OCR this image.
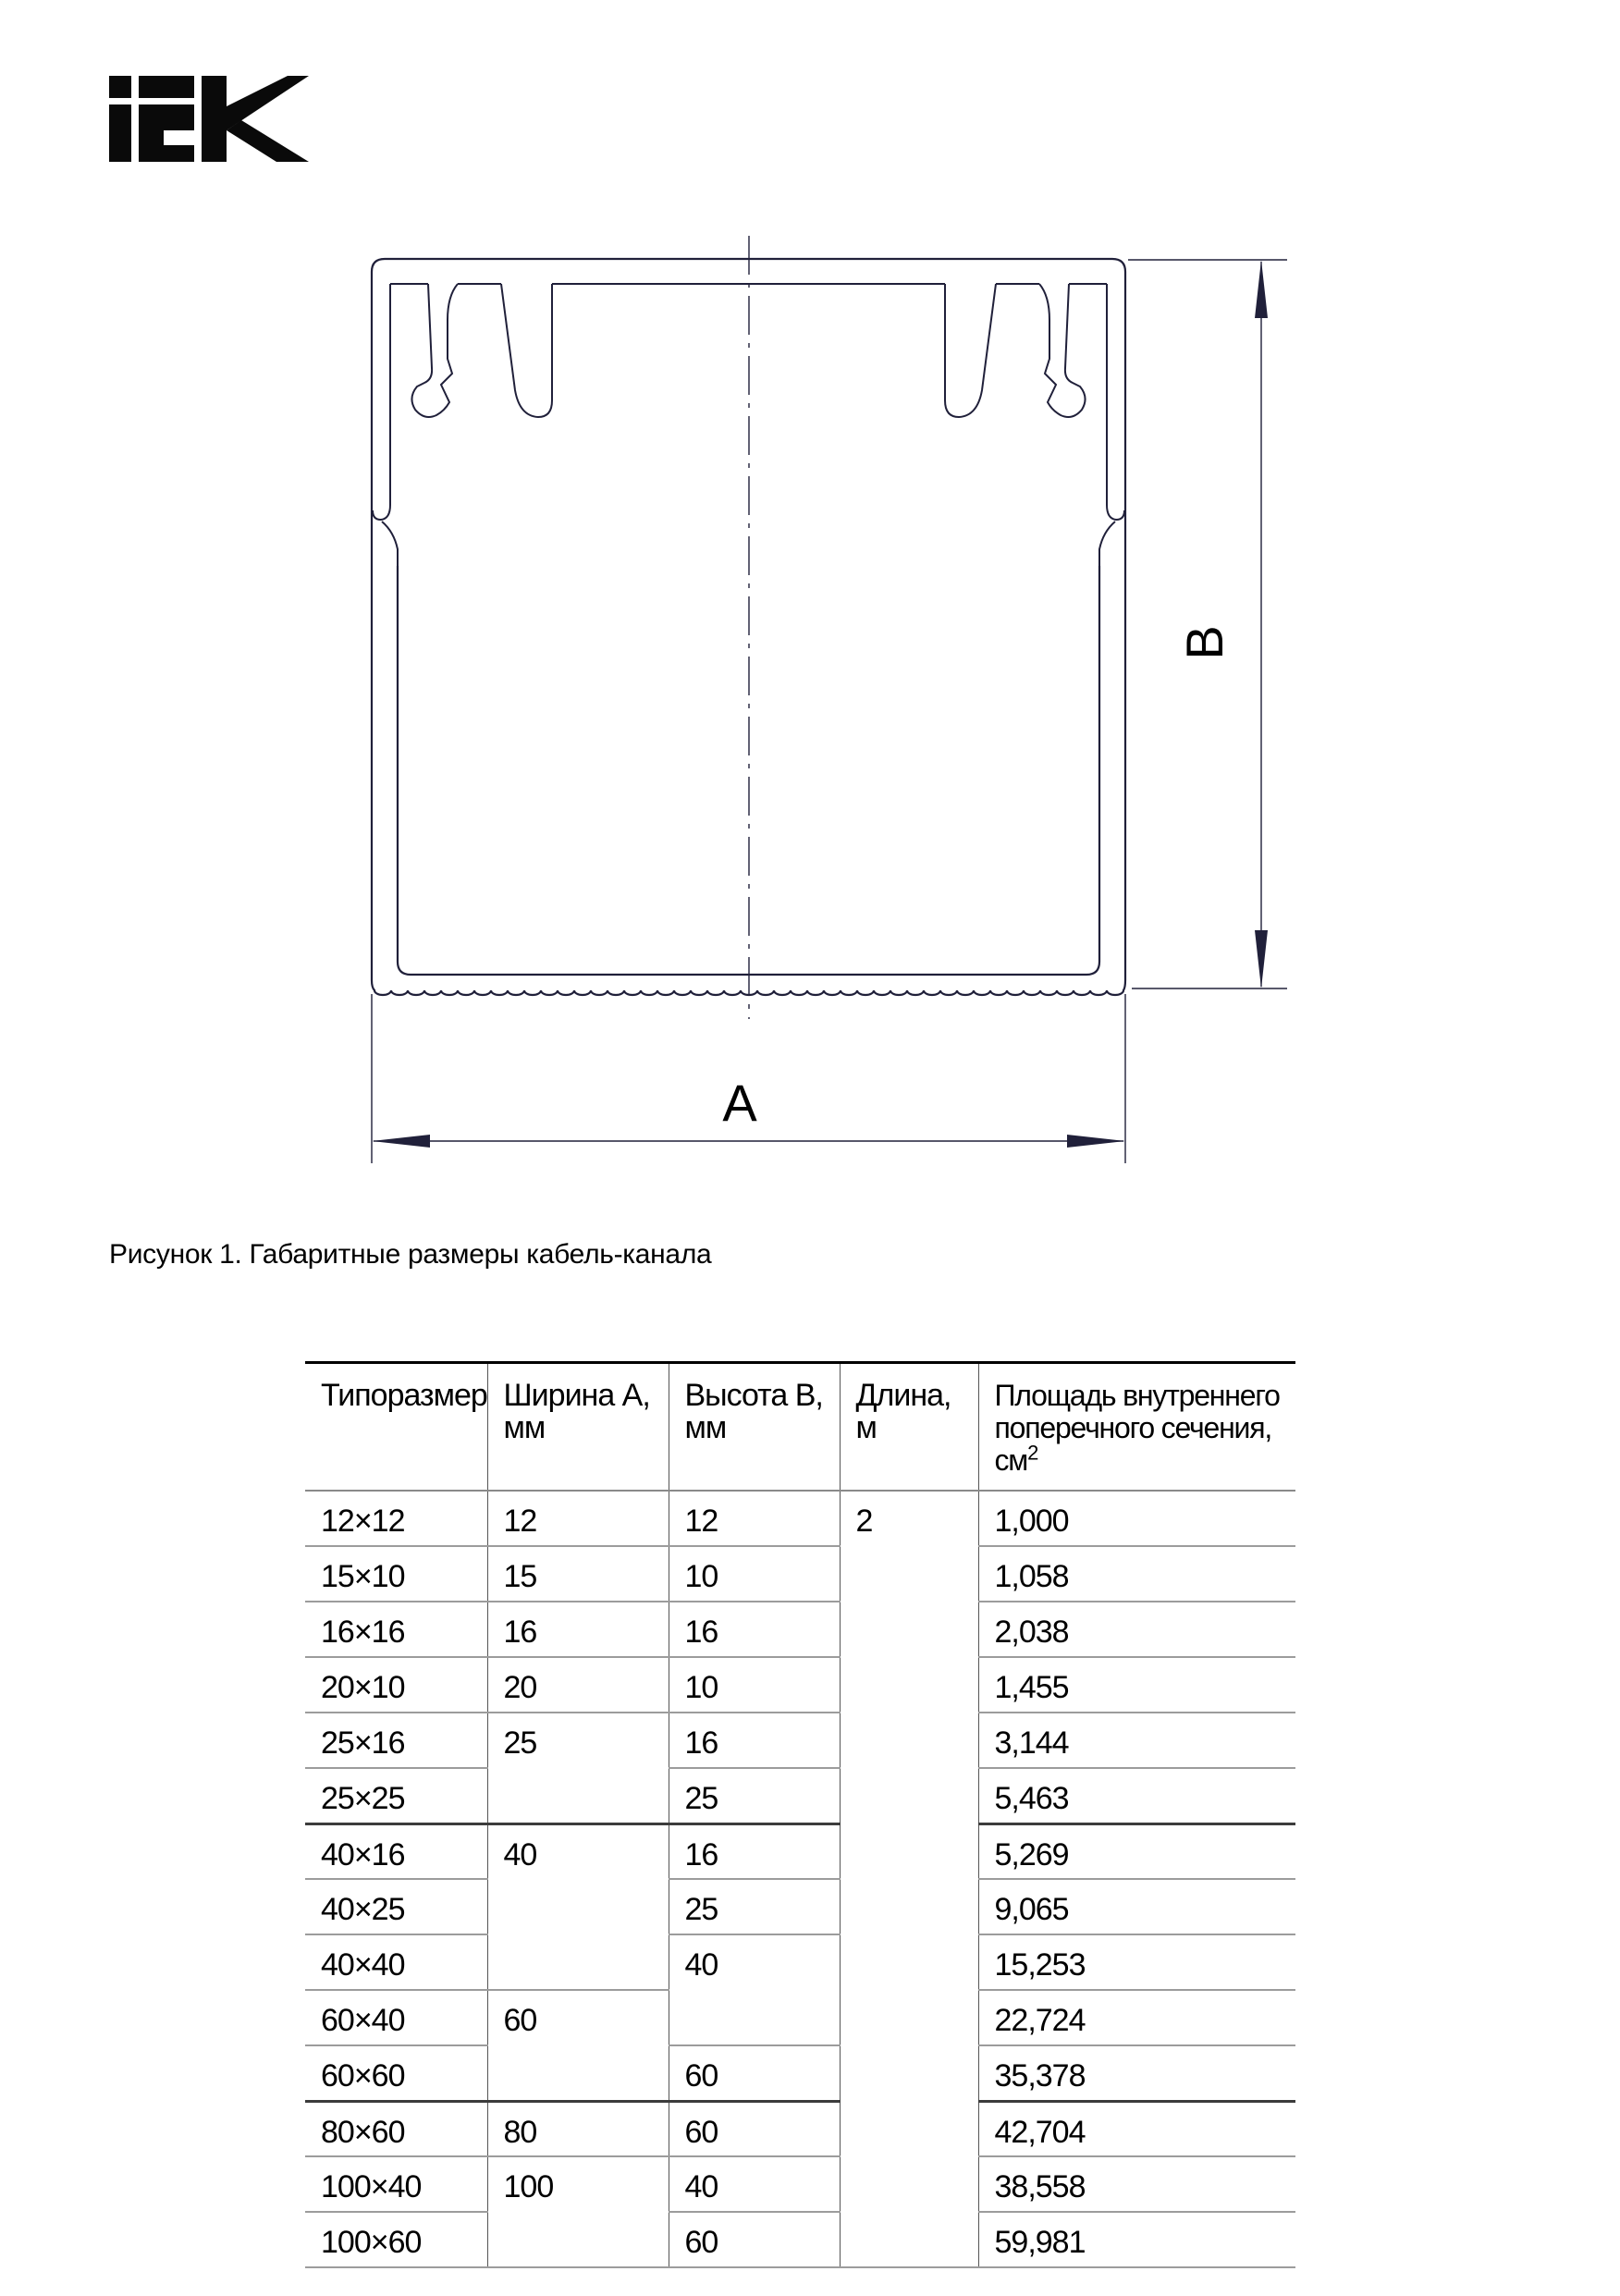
B
A
Рисунок 1. Габаритные размеры кабель-канала
Типоразмер	Ширина А, мм	Высота В, мм	Длина, м	Площадь внутреннего
поперечного сечения, $см^2$
12×12	12	12	2	1,000
15×10	15	10		1,058
16×16	16	16		2,038
20×10	20	10		1,455
25×16	25	16		3,144
25×25		25		5,463
40×16	40	16		5,269
40×25		25		9,065
40×40		40		15,253
60×40	60			22,724
60×60		60		35,378
80×60	80	60		42,704
100×40	100	40		38,558
100×60		60		59,981
